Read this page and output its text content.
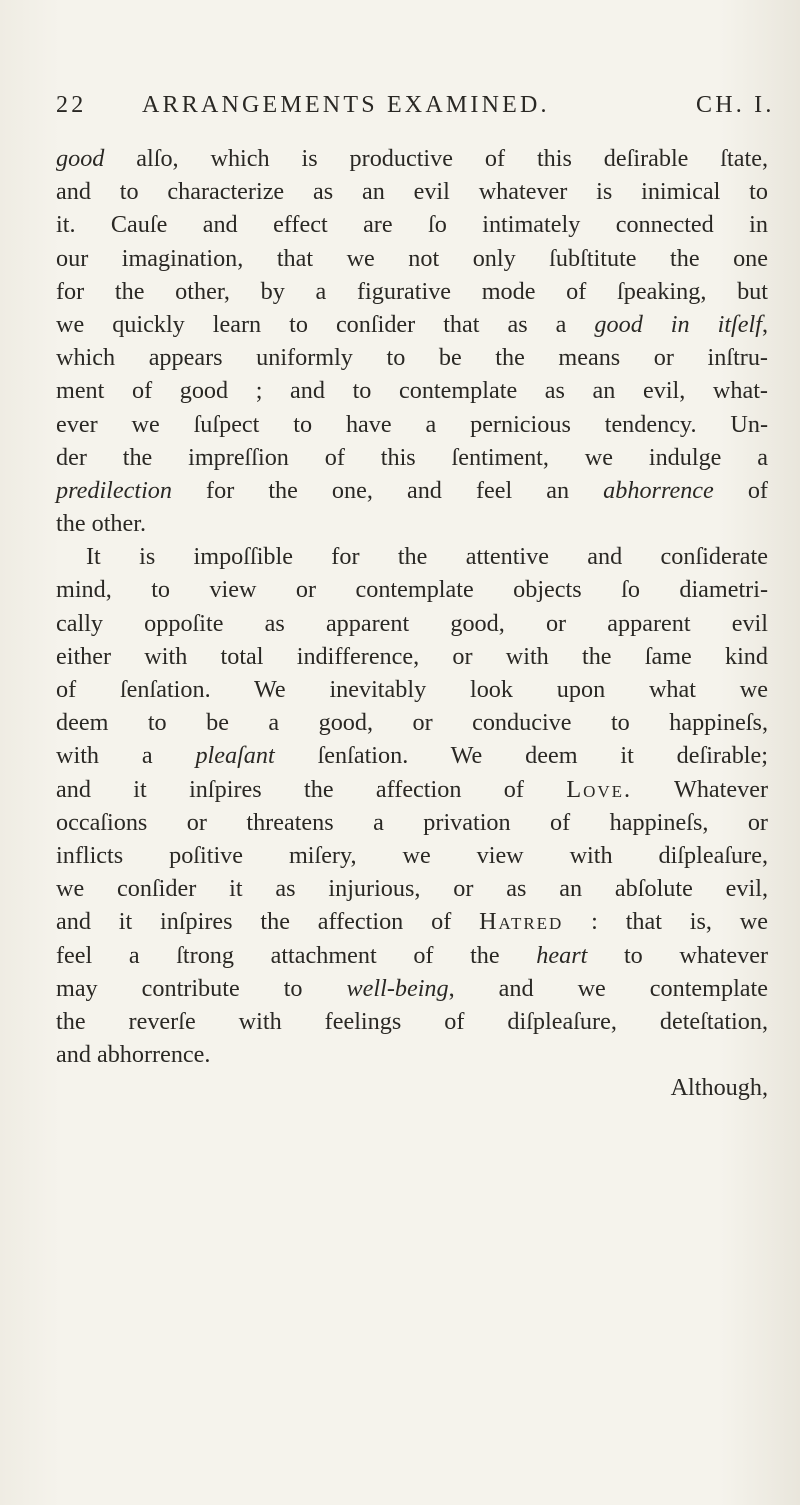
22 ARRANGEMENTS EXAMINED.	CH. I.
good alſo, which is productive of this deſirable ſtate,
and to characterize as an evil whatever is inimical to
it. Cauſe and effect are ſo intimately connected in
our imagination, that we not only ſubſtitute the one
for the other, by a figurative mode of ſpeaking, but
we quickly learn to conſider that as a good in itſelf,
which appears uniformly to be the means or inſtru-
ment of good ; and to contemplate as an evil, what-
ever we ſuſpect to have a pernicious tendency. Un-
der the impreſſion of this ſentiment, we indulge a
predilection for the one, and feel an abhorrence of
the other.
It is impoſſible for the attentive and conſiderate
mind, to view or contemplate objects ſo diametri-
cally oppoſite as apparent good, or apparent evil
either with total indifference, or with the ſame kind
of ſenſation. We inevitably look upon what we
deem to be a good, or conducive to happineſs,
with a pleaſant ſenſation. We deem it deſirable;
and it inſpires the affection of Love. Whatever
occaſions or threatens a privation of happineſs, or
inflicts poſitive miſery, we view with diſpleaſure,
we conſider it as injurious, or as an abſolute evil,
and it inſpires the affection of Hatred : that is, we
feel a ſtrong attachment of the heart to whatever
may contribute to well-being, and we contemplate
the reverſe with feelings of diſpleaſure, deteſtation,
and abhorrence.
Although,
